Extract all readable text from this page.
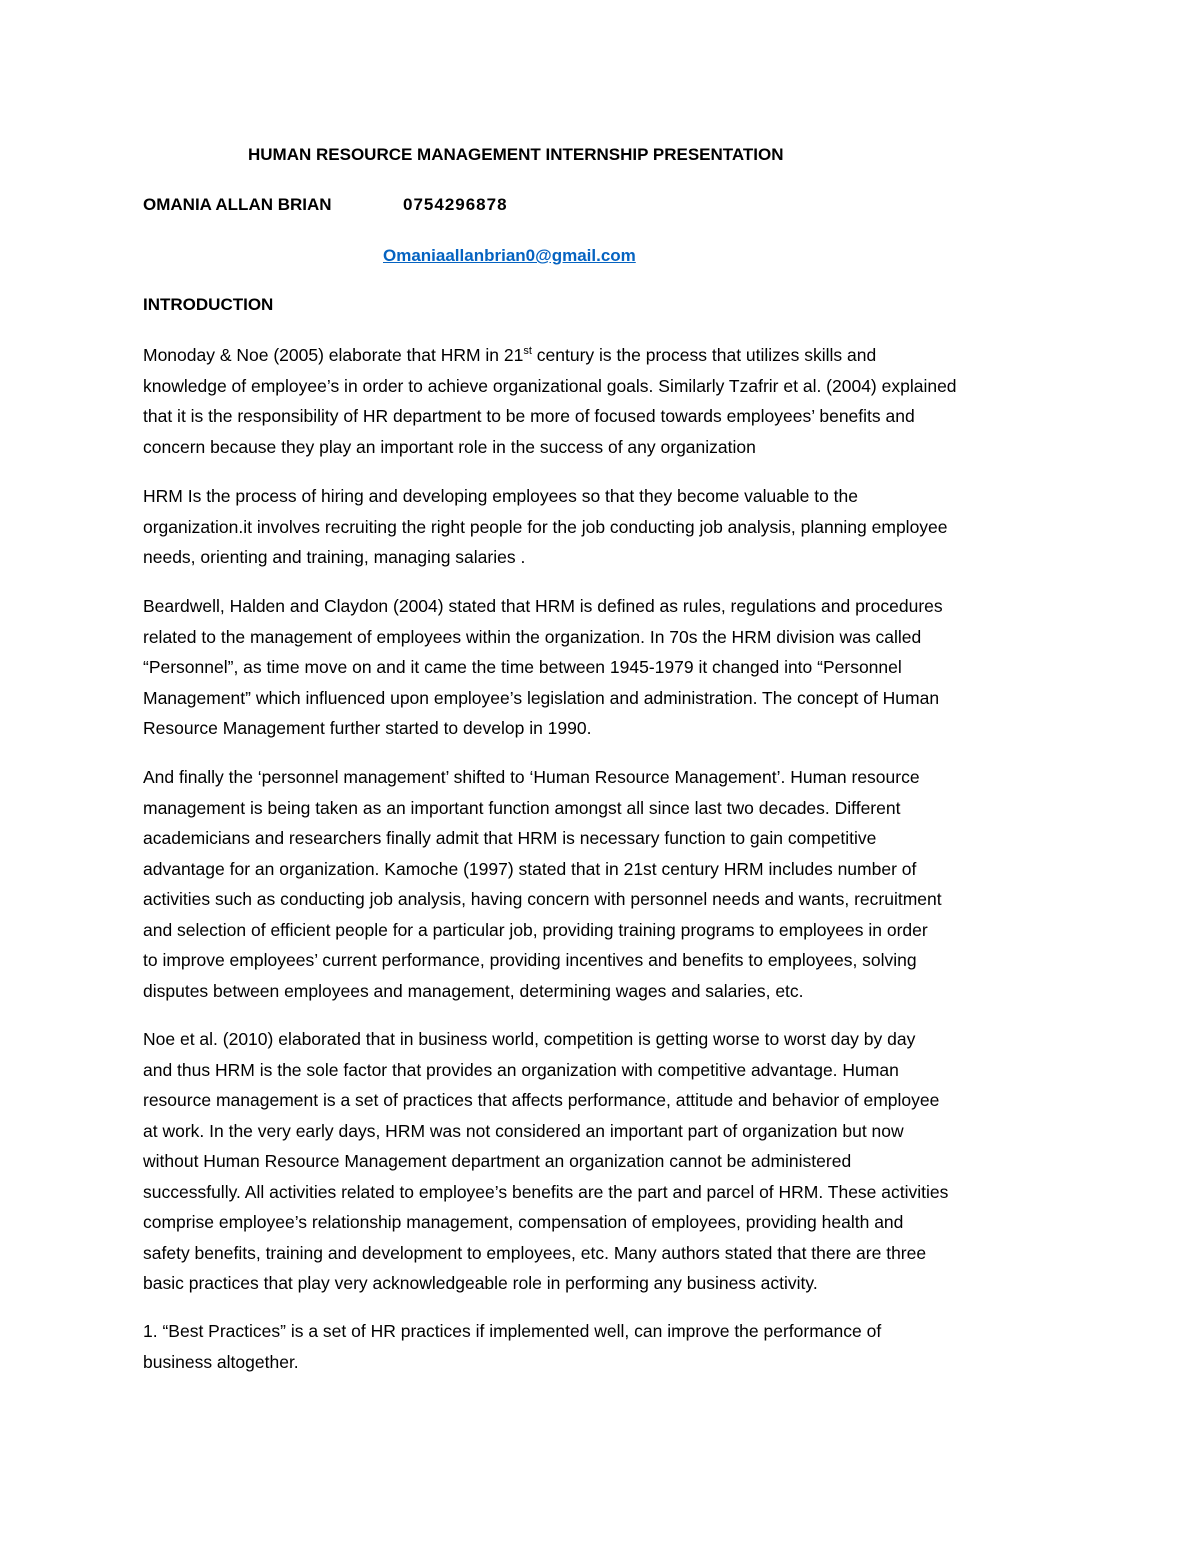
HUMAN RESOURCE MANAGEMENT INTERNSHIP PRESENTATION
OMANIA ALLAN BRIAN	0754296878
Omaniaallanbrian0@gmail.com
INTRODUCTION

Monoday & Noe (2005) elaborate that HRM in 21st century is the process that utilizes skills and
knowledge of employee’s in order to achieve organizational goals. Similarly Tzafrir et al. (2004) explained
that it is the responsibility of HR department to be more of focused towards employees’ benefits and
concern because they play an important role in the success of any organization

HRM Is the process of hiring and developing employees so that they become valuable to the
organization.it involves recruiting the right people for the job conducting job analysis, planning employee
needs, orienting and training, managing salaries .

Beardwell, Halden and Claydon (2004) stated that HRM is defined as rules, regulations and procedures
related to the management of employees within the organization. In 70s the HRM division was called
“Personnel”, as time move on and it came the time between 1945-1979 it changed into “Personnel
Management” which influenced upon employee’s legislation and administration. The concept of Human
Resource Management further started to develop in 1990.

And finally the ‘personnel management’ shifted to ‘Human Resource Management’. Human resource
management is being taken as an important function amongst all since last two decades. Different
academicians and researchers finally admit that HRM is necessary function to gain competitive
advantage for an organization. Kamoche (1997) stated that in 21st century HRM includes number of
activities such as conducting job analysis, having concern with personnel needs and wants, recruitment
and selection of efficient people for a particular job, providing training programs to employees in order
to improve employees’ current performance, providing incentives and benefits to employees, solving
disputes between employees and management, determining wages and salaries, etc.

Noe et al. (2010) elaborated that in business world, competition is getting worse to worst day by day
and thus HRM is the sole factor that provides an organization with competitive advantage. Human
resource management is a set of practices that affects performance, attitude and behavior of employee
at work. In the very early days, HRM was not considered an important part of organization but now
without Human Resource Management department an organization cannot be administered
successfully. All activities related to employee’s benefits are the part and parcel of HRM. These activities
comprise employee’s relationship management, compensation of employees, providing health and
safety benefits, training and development to employees, etc. Many authors stated that there are three
basic practices that play very acknowledgeable role in performing any business activity.

1. “Best Practices” is a set of HR practices if implemented well, can improve the performance of
business altogether.
